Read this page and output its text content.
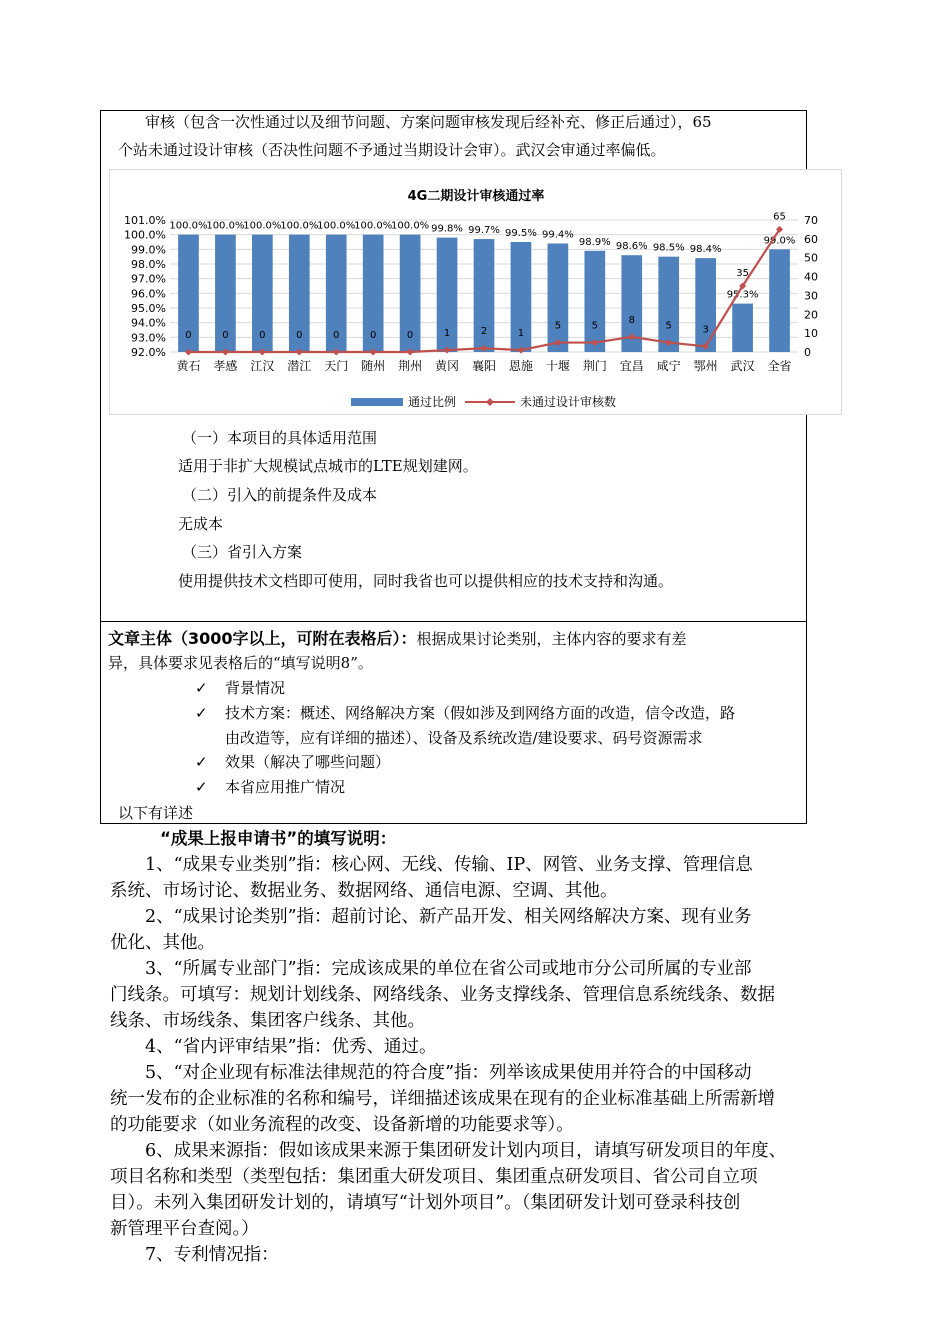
审核（包含一次性通过以及细节问题、方案问题审核发现后经补充、修正后通过），65
个站未通过设计审核（否决性问题不予通过当期设计会审）。武汉会审通过率偏低。
4G二期设计审核通过率
92.0%
93.0%
94.0%
95.0%
96.0%
97.0%
98.0%
99.0%
100.0%
101.0%
0
10
20
30
40
50
60
70
100.0%
100.0%
100.0%
100.0%
100.0%
100.0%
100.0% 99.8% 99.7% 99.5% 99.4%
98.9% 98.6% 98.5% 98.4%
95.3%
99.0%
0	0	0	0	0	0	0	1	2	1
5	5
8
5	3
35
65
黄石 孝感 江汉 潜江 天门 随州 荆州 黄冈 襄阳 恩施 十堰 荆门 宜昌 咸宁 鄂州 武汉 全省
通过比例	未通过设计审核数
（一）本项目的具体适用范围
适用于非扩大规模试点城市的LTE规划建网。
（二）引入的前提条件及成本
无成本
（三）省引入方案
使用提供技术文档即可使用，同时我省也可以提供相应的技术支持和沟通。
文章主体（3000字以上，可附在表格后）：根据成果讨论类别，主体内容的要求有差
异，具体要求见表格后的“填写说明8”。
✓ 背景情况
✓ 技术方案：概述、网络解决方案（假如涉及到网络方面的改造，信令改造，路
由改造等，应有详细的描述）、设备及系统改造/建设要求、码号资源需求
✓ 效果（解决了哪些问题）
✓ 本省应用推广情况
以下有详述
“成果上报申请书”的填写说明：
1、“成果专业类别”指：核心网、无线、传输、IP、网管、业务支撑、管理信息
系统、市场讨论、数据业务、数据网络、通信电源、空调、其他。
2、“成果讨论类别”指：超前讨论、新产品开发、相关网络解决方案、现有业务
优化、其他。
3、“所属专业部门”指：完成该成果的单位在省公司或地市分公司所属的专业部
门线条。可填写：规划计划线条、网络线条、业务支撑线条、管理信息系统线条、数据
线条、市场线条、集团客户线条、其他。
4、“省内评审结果”指：优秀、通过。
5、“对企业现有标准法律规范的符合度”指：列举该成果使用并符合的中国移动
统一发布的企业标准的名称和编号，详细描述该成果在现有的企业标准基础上所需新增
的功能要求（如业务流程的改变、设备新增的功能要求等）。
6、成果来源指：假如该成果来源于集团研发计划内项目，请填写研发项目的年度、
项目名称和类型（类型包括：集团重大研发项目、集团重点研发项目、省公司自立项
目）。未列入集团研发计划的，请填写“计划外项目”。（集团研发计划可登录科技创
新管理平台查阅。）
7、专利情况指：
